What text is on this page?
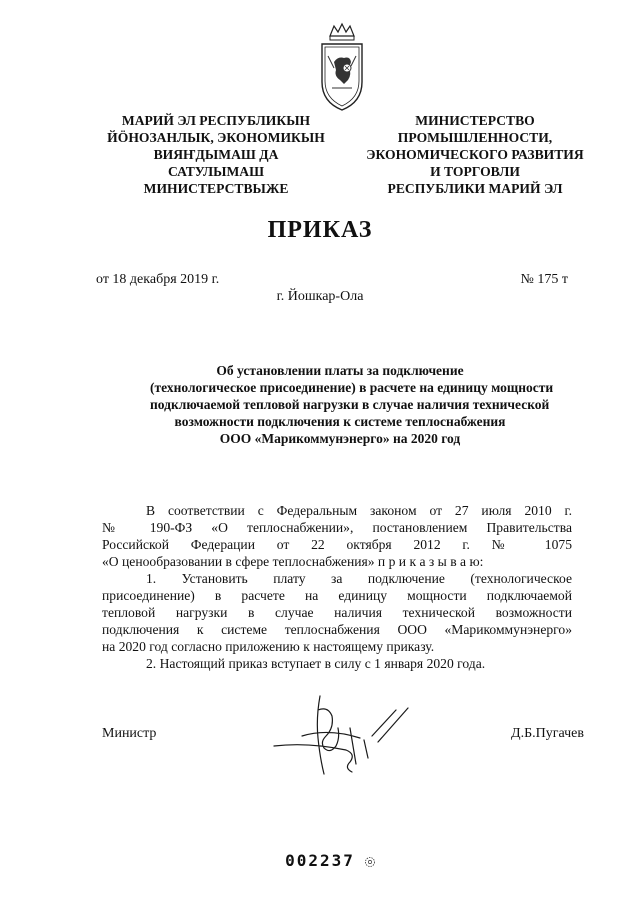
МАРИЙ ЭЛ РЕСПУБЛИКЫН
ЙӦНОЗАНЛЫК, ЭКОНОМИКЫН
ВИЯҤДЫМАШ ДА
САТУЛЫМАШ
МИНИСТЕРСТВЫЖЕ
МИНИСТЕРСТВО
ПРОМЫШЛЕННОСТИ,
ЭКОНОМИЧЕСКОГО РАЗВИТИЯ
И ТОРГОВЛИ
РЕСПУБЛИКИ МАРИЙ ЭЛ
ПРИКАЗ
от 18 декабря 2019 г.	№ 175 т
г. Йошкар-Ола
Об установлении платы за подключение
(технологическое присоединение) в расчете на единицу мощности
подключаемой тепловой нагрузки в случае наличия технической
возможности подключения к системе теплоснабжения
ООО «Марикоммунэнерго» на 2020 год
В соответствии с Федеральным законом от 27 июля 2010 г.
№ 190-ФЗ «О теплоснабжении», постановлением Правительства
Российской Федерации от 22 октября 2012 г. № 1075
«О ценообразовании в сфере теплоснабжения» п р и к а з ы в а ю:
1. Установить плату за подключение (технологическое
присоединение) в расчете на единицу мощности подключаемой
тепловой нагрузки в случае наличия технической возможности
подключения к системе теплоснабжения ООО «Марикоммунэнерго»
на 2020 год согласно приложению к настоящему приказу.
2. Настоящий приказ вступает в силу с 1 января 2020 года.
Министр	Д.Б.Пугачев
002237
